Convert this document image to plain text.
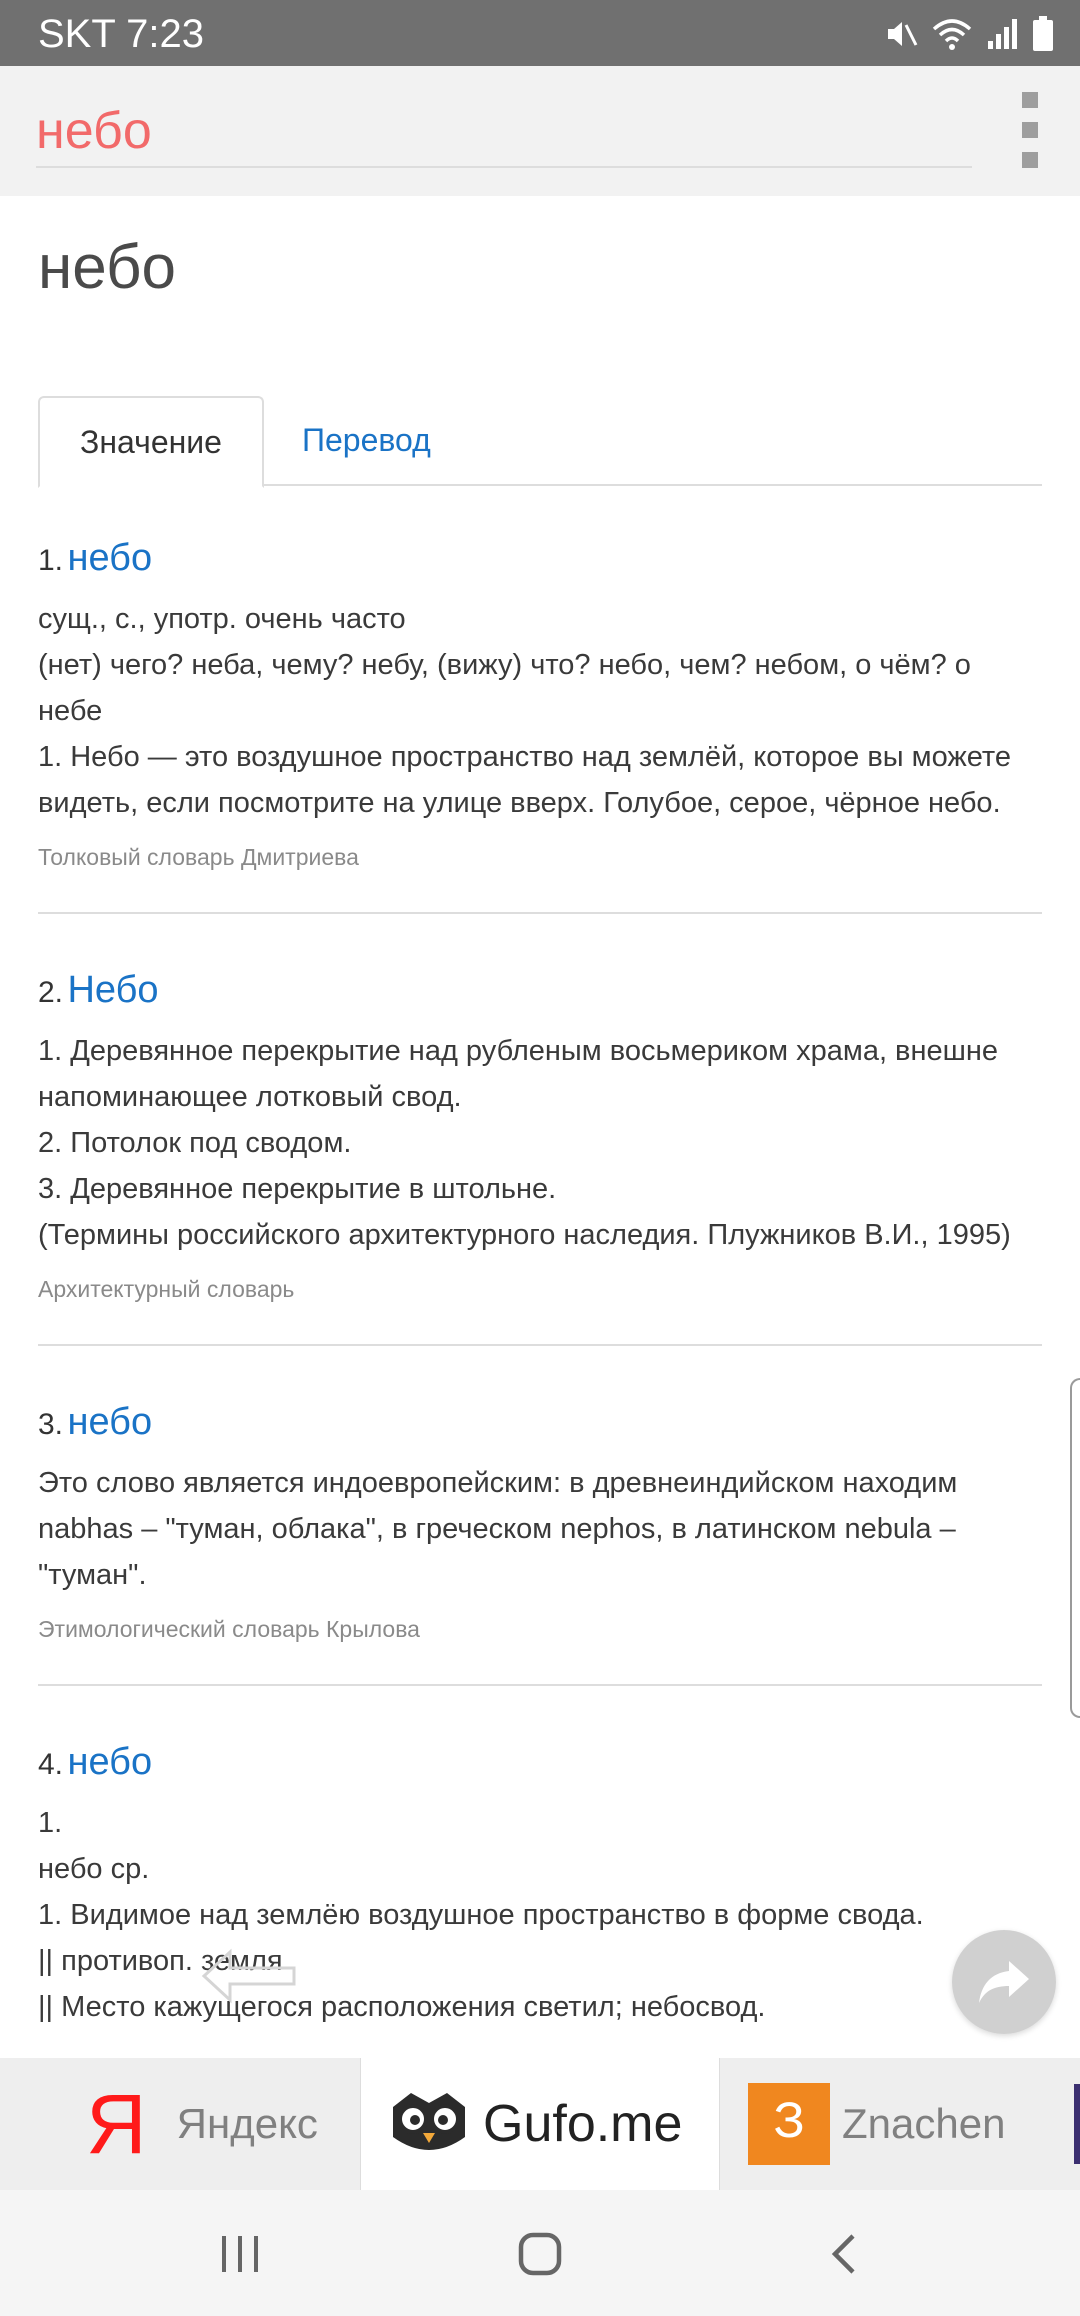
SKT 7:23
небо
небо
Значение	Перевод
1. небо
сущ., с., употр. очень часто
(нет) чего? неба, чему? небу, (вижу) что? небо, чем? небом, о чём? о небе
1. Небо — это воздушное пространство над землёй, которое вы можете видеть, если посмотрите на улице вверх. Голубое, серое, чёрное небо.
Толковый словарь Дмитриева
2. Небо
1. Деревянное перекрытие над рубленым восьмериком храма, внешне напоминающее лотковый свод.
2. Потолок под сводом.
3. Деревянное перекрытие в штольне.
(Термины российского архитектурного наследия. Плужников В.И., 1995)
Архитектурный словарь
3. небо
Это слово является индоевропейским: в древнеиндийском находим nabhas – "туман, облака", в греческом nephos, в латинском nebula – "туман".
Этимологический словарь Крылова
4. небо
1.
небо ср.
1. Видимое над землёю воздушное пространство в форме свода.
|| противоп. земля
|| Место кажущегося расположения светил; небосвод.
Я Яндекс	Gufo.me	З Znachen
